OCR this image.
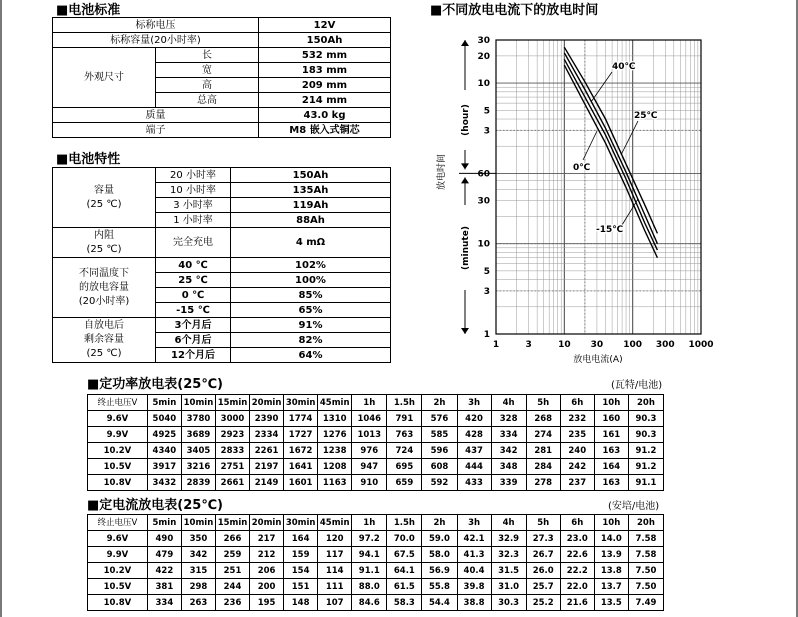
■电池标准
标称电压		12V
标称容量(20小时率)		150Ah
外观尺寸	长	532 mm
	宽	183 mm
	高	209 mm
	总高	214 mm
质量		43.0 kg
端子		M8 嵌入式铜芯
■电池特性
容量
(25 ℃)	20 小时率	150Ah
	10 小时率	135Ah
	3 小时率	119Ah
	1 小时率	88Ah
内阻
(25 ℃)	完全充电	4 mΩ
不同温度下
的放电容量
(20小时率)	40 ℃	102%
	25 ℃	100%
	0 ℃	85%
	-15 ℃	65%
自放电后
剩余容量
(25 ℃)	3个月后	91%
	6个月后	82%
	12个月后	64%
■不同放电电流下的放电时间
30
20
10
5
3
60
30
10
5
3
1
1	3	10 30 100 300 1000
(hour)
(minute)
放电时间
放电电流(A)
40℃
25℃
0℃
-15℃
■定功率放电表(25℃)	(瓦特/电池)
终止电压V	5min	10min	15min	20min	30min	45min	1h	1.5h	2h	3h	4h	5h	6h	10h	20h
9.6V	5040	3780	3000	2390	1774	1310	1046	791	576	420	328	268	232	160	90.3
9.9V	4925	3689	2923	2334	1727	1276	1013	763	585	428	334	274	235	161	90.3
10.2V	4340	3405	2833	2261	1672	1238	976	724	596	437	342	281	240	163	91.2
10.5V	3917	3216	2751	2197	1641	1208	947	695	608	444	348	284	242	164	91.2
10.8V	3432	2839	2661	2149	1601	1163	910	659	592	433	339	278	237	163	91.1
■定电流放电表(25℃)	(安培/电池)
终止电压V	5min	10min	15min	20min	30min	45min	1h	1.5h	2h	3h	4h	5h	6h	10h	20h
9.6V	490	350	266	217	164	120	97.2	70.0	59.0	42.1	32.9	27.3	23.0	14.0	7.58
9.9V	479	342	259	212	159	117	94.1	67.5	58.0	41.3	32.3	26.7	22.6	13.9	7.58
10.2V	422	315	251	206	154	114	91.1	64.1	56.9	40.4	31.5	26.0	22.2	13.8	7.50
10.5V	381	298	244	200	151	111	88.0	61.5	55.8	39.8	31.0	25.7	22.0	13.7	7.50
10.8V	334	263	236	195	148	107	84.6	58.3	54.4	38.8	30.3	25.2	21.6	13.5	7.49
